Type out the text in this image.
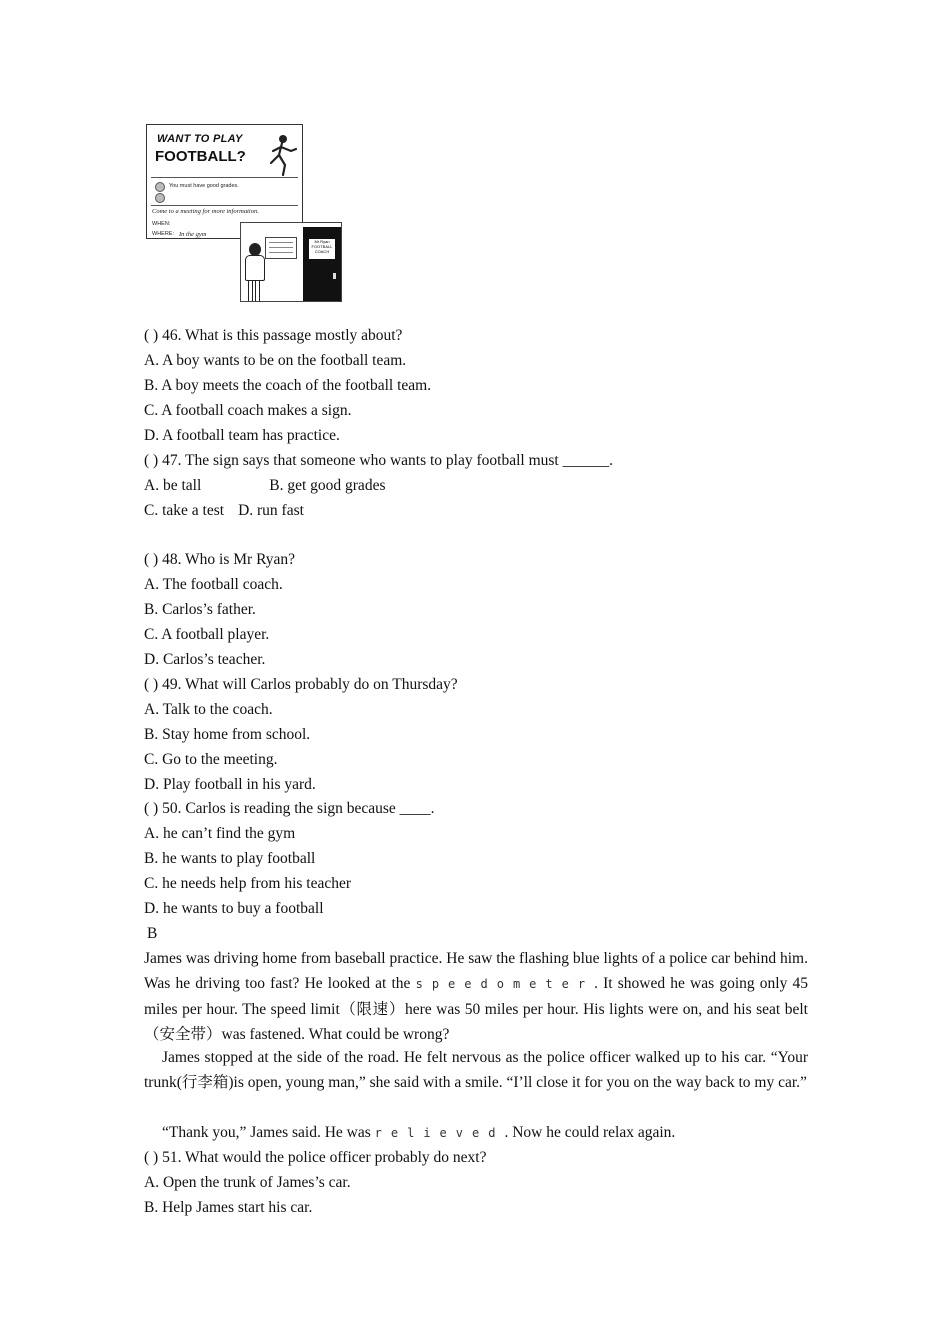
WANT TO PLAY
FOOTBALL?
You must have good grades.
Come to a meeting for more information.
WHEN:
WHERE: In the gym
Mr Ryan
FOOTBALL
COACH
( ) 46. What is this passage mostly about?
A. A boy wants to be on the football team.
B. A boy meets the coach of the football team.
C. A football coach makes a sign.
D. A football team has practice.
( ) 47. The sign says that someone who wants to play football must ______.
A. be tall	B. get good grades
C. take a test D. run fast
( ) 48. Who is Mr Ryan?
A. The football coach.
B. Carlos’s father.
C. A football player.
D. Carlos’s teacher.
( ) 49. What will Carlos probably do on Thursday?
A. Talk to the coach.
B. Stay home from school.
C. Go to the meeting.
D. Play football in his yard.
( ) 50. Carlos is reading the sign because ____.
A. he can’t find the gym
B. he wants to play football
C. he needs help from his teacher
D. he wants to buy a football
B
James was driving home from baseball practice. He saw the flashing blue lights of a police car behind him. Was he driving too fast? He looked at the speedometer. It showed he was going only 45 miles per hour. The speed limit（限速）here was 50 miles per hour. His lights were on, and his seat belt（安全带）was fastened. What could be wrong?
James stopped at the side of the road. He felt nervous as the police officer walked up to his car. “Your trunk(行李箱)is open, young man,” she said with a smile. “I’ll close it for you on the way back to my car.”
“Thank you,” James said. He was relieved. Now he could relax again.
( ) 51. What would the police officer probably do next?
A. Open the trunk of James’s car.
B. Help James start his car.
